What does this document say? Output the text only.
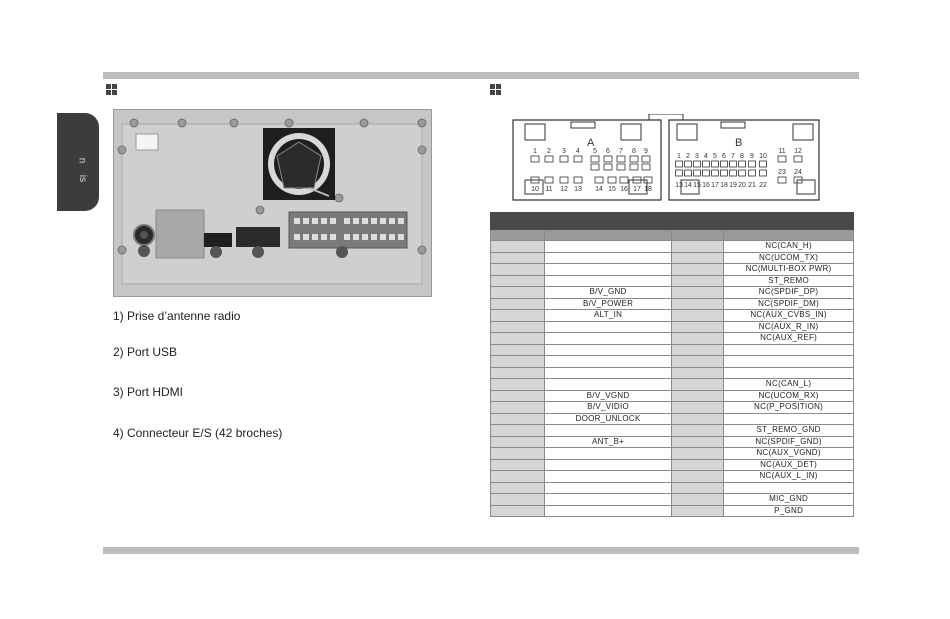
n
is
1) Prise d’antenne radio
2) Port USB
3) Port HDMI
4) Connecteur E/S (42 broches)
A	B
1 2 3 4 5 6 7 8 9
10 11 12 13 14 15 16 17 18
1 2 3 4 5 6 7 8 9 10
11 12
23 24
13 14 15 16 17 18 19 20 21 22

			NC(CAN_H)
			NC(UCOM_TX)
			NC(MULTI-BOX PWR)
			ST_REMO
	B/V_GND		NC(SPDIF_DP)
	B/V_POWER		NC(SPDIF_DM)
	ALT_IN		NC(AUX_CVBS_IN)
			NC(AUX_R_IN)
			NC(AUX_REF)

			NC(CAN_L)
	B/V_VGND		NC(UCOM_RX)
	B/V_VIDIO		NC(P_POSITION)
	DOOR_UNLOCK		
			ST_REMO_GND
	ANT_B+		NC(SPDIF_GND)
			NC(AUX_VGND)
			NC(AUX_DET)
			NC(AUX_L_IN)

			MIC_GND
			P_GND
